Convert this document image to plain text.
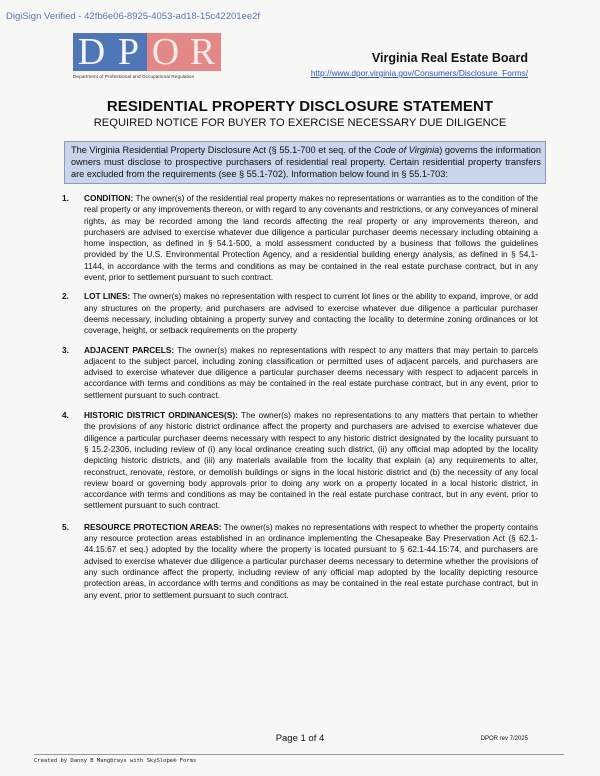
DigiSign Verified - 42fb6e06-8925-4053-ad18-15c42201ee2f
D P O R
Department of Professional and Occupational Regulation
Virginia Real Estate Board
http://www.dpor.virginia.gov/Consumers/Disclosure_Forms/
RESIDENTIAL PROPERTY DISCLOSURE STATEMENT
REQUIRED NOTICE FOR BUYER TO EXERCISE NECESSARY DUE DILIGENCE
The Virginia Residential Property Disclosure Act (§ 55.1-700 et seq. of the Code of Virginia) governs the information owners must disclose to prospective purchasers of residential real property. Certain residential property transfers are excluded from the requirements (see § 55.1-702). Information below found in § 55.1-703:
1. CONDITION: The owner(s) of the residential real property makes no representations or warranties as to the condition of the real property or any improvements thereon, or with regard to any covenants and restrictions, or any conveyances of mineral rights, as may be recorded among the land records affecting the real property or any improvements thereon, and purchasers are advised to exercise whatever due diligence a particular purchaser deems necessary including obtaining a home inspection, as defined in § 54.1-500, a mold assessment conducted by a business that follows the guidelines provided by the U.S. Environmental Protection Agency, and a residential building energy analysis, as defined in § 54.1-1144, in accordance with the terms and conditions as may be contained in the real estate purchase contract, but in any event, prior to settlement pursuant to such contract.
2. LOT LINES: The owner(s) makes no representation with respect to current lot lines or the ability to expand, improve, or add any structures on the property, and purchasers are advised to exercise whatever due diligence a particular purchaser deems necessary, including obtaining a property survey and contacting the locality to determine zoning ordinances or lot coverage, height, or setback requirements on the property
3. ADJACENT PARCELS: The owner(s) makes no representations with respect to any matters that may pertain to parcels adjacent to the subject parcel, including zoning classification or permitted uses of adjacent parcels, and purchasers are advised to exercise whatever due diligence a particular purchaser deems necessary with respect to adjacent parcels in accordance with terms and conditions as may be contained in the real estate purchase contract, but in any event, prior to settlement pursuant to such contract.
4. HISTORIC DISTRICT ORDINANCES(S): The owner(s) makes no representations to any matters that pertain to whether the provisions of any historic district ordinance affect the property and purchasers are advised to exercise whatever due diligence a particular purchaser deems necessary with respect to any historic district designated by the locality pursuant to § 15.2-2306, including review of (i) any local ordinance creating such district, (ii) any official map adopted by the locality depicting historic districts, and (iii) any materials available from the locality that explain (a) any requirements to alter, reconstruct, renovate, restore, or demolish buildings or signs in the local historic district and (b) the necessity of any local review board or governing body approvals prior to doing any work on a property located in a local historic district, in accordance with terms and conditions as may be contained in the real estate purchase contract, but in any event, prior to settlement pursuant to such contract.
5. RESOURCE PROTECTION AREAS: The owner(s) makes no representations with respect to whether the property contains any resource protection areas established in an ordinance implementing the Chesapeake Bay Preservation Act (§ 62.1-44.15:67 et seq.) adopted by the locality where the property is located pursuant to § 62.1-44.15:74, and purchasers are advised to exercise whatever due diligence a particular purchaser deems necessary to determine whether the provisions of any such ordinance affect the property, including review of any official map adopted by the locality depicting resource protection areas, in accordance with terms and conditions as may be contained in the real estate purchase contract, but in any event, prior to settlement pursuant to such contract.
Page 1 of 4	DPOR rev 7/2025
Created by Danny B Mangbrays with SkySlope® Forms
